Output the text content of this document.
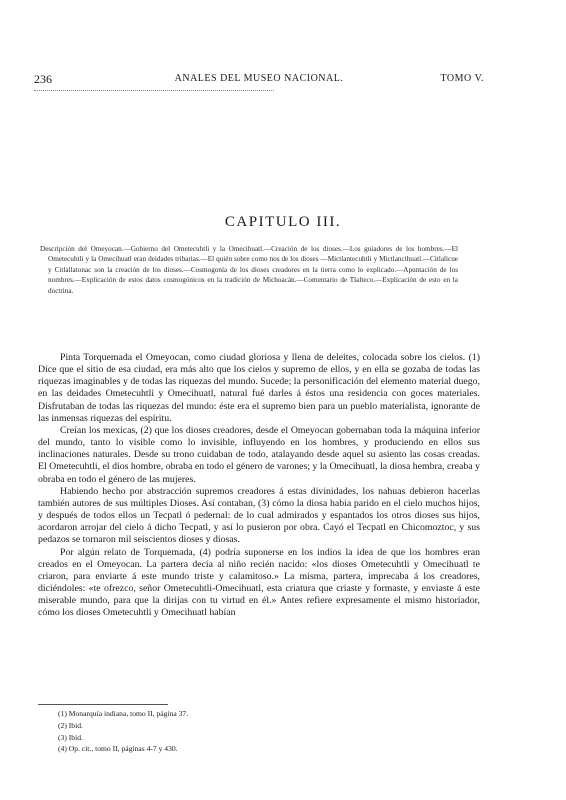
236	ANALES DEL MUSEO NACIONAL.	TOMO V.
CAPITULO III.
Descripción del Omeyocan.—Gobierno del Ometecuhtli y la Omecihuatl.—Creación de los dioses.—Los guiadores de los hombres.—El Ometecuhtli y la Omecihuatl eran deidades tribarias.—El quién sobre como nos de los dioses —Mictlantecuhtli y Mictlancihuatl.—Citlalicue y Citlallatonac son la creación de los dioses.—Cosmogonía de los dioses creadores en la tierra como lo explicado.—Apuntación de los nombres.—Explicación de estos datos cosmogónicos en la tradición de Michoacán.—Comentario de Tlalteco.—Explicación de esto en la doctrina.

Pinta Torquemada el Omeyocan, como ciudad gloriosa y llena de deleites, colocada sobre los cielos. (1) Dice que el sitio de esa ciudad, era más alto que los cielos y supremo de ellos, y en ella se gozaba de todas las riquezas imaginables y de todas las riquezas del mundo. Sucede; la personificación del elemento material duego, en las deidades Ometecuhtli y Omecihuatl, natural fué darles á éstos una residencia con goces materiales. Disfrutaban de todas las riquezas del mundo: éste era el supremo bien para un pueblo materialista, ignorante de las inmensas riquezas del espíritu.

Creían los mexicas, (2) que los dioses creadores, desde el Omeyocan gobernaban toda la máquina inferior del mundo, tanto lo visible como lo invisible, influyendo en los hombres, y produciendo en ellos sus inclinaciones naturales. Desde su trono cuidaban de todo, atalayando desde aquel su asiento las cosas creadas. El Ometecuhtli, el dios hombre, obraba en todo el género de varones; y la Omecihuatl, la diosa hembra, creaba y obraba en todo el género de las mujeres.

Habiendo hecho por abstracción supremos creadores á estas divinidades, los nahuas debieron hacerlas también autores de sus múltiples Dioses. Así contaban, (3) cómo la diosa había parido en el cielo muchos hijos, y después de todos ellos un Tecpatl ó pedernal: de lo cual admirados y espantados los otros dioses sus hijos, acordaron arrojar del cielo á dicho Tecpatl, y así lo pusieron por obra. Cayó el Tecpatl en Chicomoztoc, y sus pedazos se tornaron mil seiscientos dioses y diosas.

Por algún relato de Torquemada, (4) podría suponerse en los indios la idea de que los hombres eran creados en el Omeyocan. La partera decía al niño recién nacido: «los dioses Ometecuhtli y Omecihuatl te criaron, para enviarte á este mundo triste y calamitoso.» La misma, partera, imprecaba á los creadores, diciéndoles: «te ofrezco, señor Ometecuhtli-Omecihuatl, esta criatura que criaste y formaste, y enviaste á este miserable mundo, para que la dirijas con tu virtud en él.» Antes refiere expresamente el mismo historiador, cómo los dioses Ometecuhtli y Omecihuatl habían

(1) Monarquía indiana, tomo II, página 37.
(2) Ibid.
(3) Ibid.
(4) Op. cit., tomo II, páginas 4-7 y 430.
